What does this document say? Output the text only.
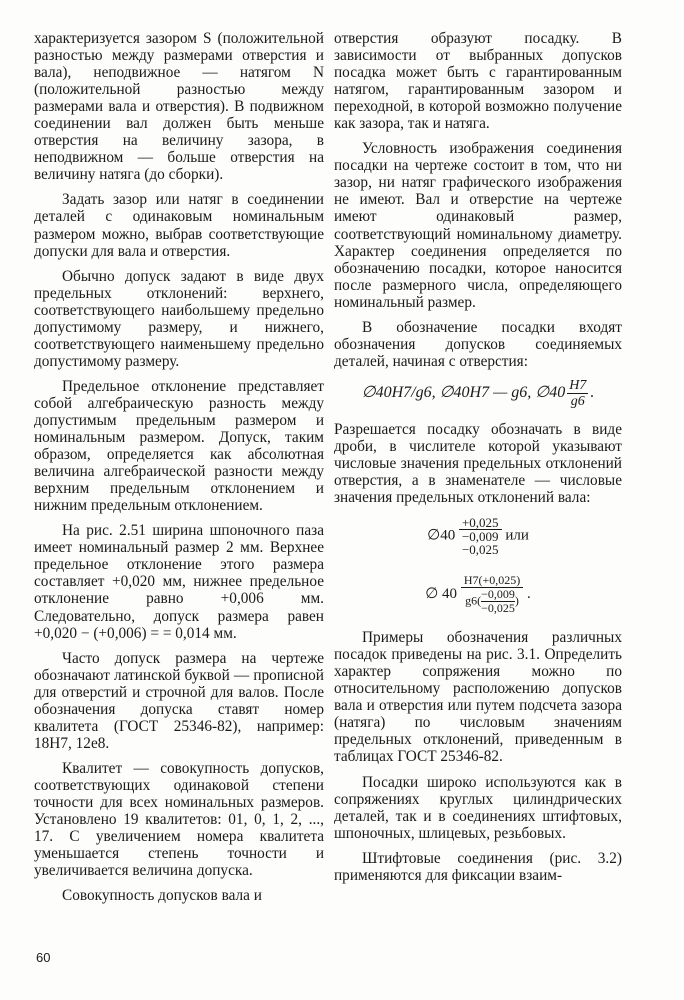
характеризуется зазором S (положительной разностью между размерами отверстия и вала), неподвижное — натягом N (положительной разностью между размерами вала и отверстия). В подвижном соединении вал должен быть меньше отверстия на величину зазора, в неподвижном — больше отверстия на величину натяга (до сборки).

Задать зазор или натяг в соединении деталей с одинаковым номинальным размером можно, выбрав соответствующие допуски для вала и отверстия.

Обычно допуск задают в виде двух предельных отклонений: верхнего, соответствующего наибольшему предельно допустимому размеру, и нижнего, соответствующего наименьшему предельно допустимому размеру.

Предельное отклонение представляет собой алгебраическую разность между допустимым предельным размером и номинальным размером. Допуск, таким образом, определяется как абсолютная величина алгебраической разности между верхним предельным отклонением и нижним предельным отклонением.

На рис. 2.51 ширина шпоночного паза имеет номинальный размер 2 мм. Верхнее предельное отклонение этого размера составляет +0,020 мм, нижнее предельное отклонение равно +0,006 мм. Следовательно, допуск размера равен +0,020 − (+0,006) = = 0,014 мм.

Часто допуск размера на чертеже обозначают латинской буквой — прописной для отверстий и строчной для валов. После обозначения допуска ставят номер квалитета (ГОСТ 25346-82), например: 18H7, 12e8.

Квалитет — совокупность допусков, соответствующих одинаковой степени точности для всех номинальных размеров. Установлено 19 квалитетов: 01, 0, 1, 2, ..., 17. С увеличением номера квалитета уменьшается степень точности и увеличивается величина допуска.

Совокупность допусков вала и

отверстия образуют посадку. В зависимости от выбранных допусков посадка может быть с гарантированным натягом, гарантированным зазором и переходной, в которой возможно получение как зазора, так и натяга.

Условность изображения соединения посадки на чертеже состоит в том, что ни зазор, ни натяг графического изображения не имеют. Вал и отверстие на чертеже имеют одинаковый размер, соответствующий номинальному диаметру. Характер соединения определяется по обозначению посадки, которое наносится после размерного числа, определяющего номинальный размер.

В обозначение посадки входят обозначения допусков соединяемых деталей, начиная с отверстия:

∅40H7/g6, ∅40H7 — g6, ∅40 $\frac{H7}{g6}$ .

Разрешается посадку обозначать в виде дроби, в числителе которой указывают числовые значения предельных отклонений отверстия, а в знаменателе — числовые значения предельных отклонений вала:

∅40
+0,025
−0,009
−0,025
или
∅ $40 \frac{H7(+0,025)}{g6( \frac{-0,009}{-0,025} )}$ .

Примеры обозначения различных посадок приведены на рис. 3.1. Определить характер сопряжения можно по относительному расположению допусков вала и отверстия или путем подсчета зазора (натяга) по числовым значениям предельных отклонений, приведенным в таблицах ГОСТ 25346-82.

Посадки широко используются как в сопряжениях круглых цилиндрических деталей, так и в соединениях штифтовых, шпоночных, шлицевых, резьбовых.

Штифтовые соединения (рис. 3.2) применяются для фиксации взаим-

60
